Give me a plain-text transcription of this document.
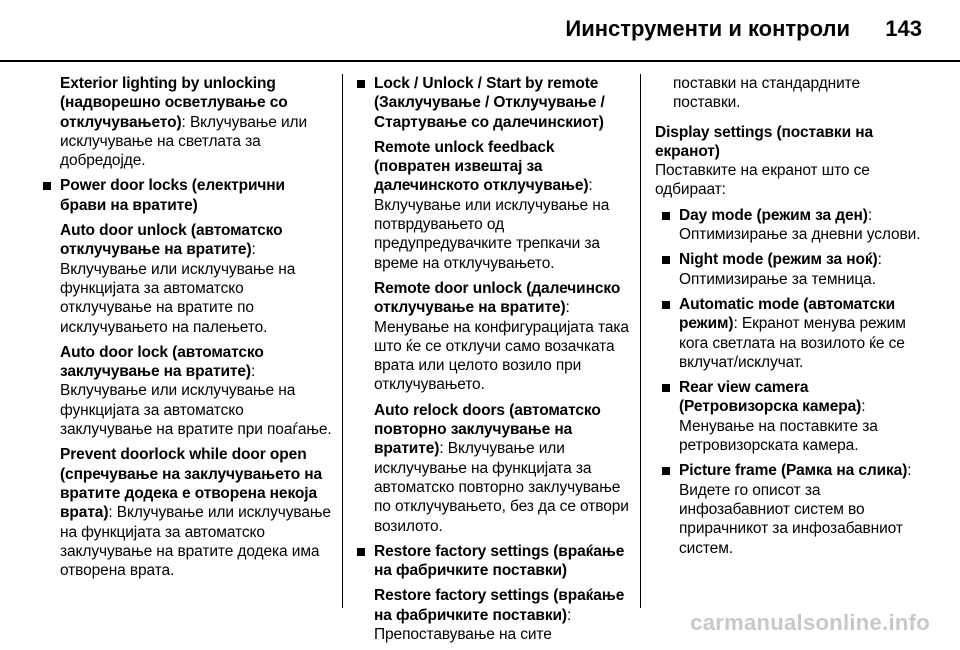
Иинструменти и контроли 143
Exterior lighting by unlocking (надворешно осветлување со отклучувањето): Вклучување или исклучување на светлата за добредојде.
Power door locks (електрични брави на вратите)
Auto door unlock (автоматско отклучување на вратите): Вклучување или исклучување на функцијата за автоматско отклучување на вратите по исклучувањето на палењето.
Auto door lock (автоматско заклучување на вратите): Вклучување или исклучување на функцијата за автоматско заклучување на вратите при поаѓање.
Prevent doorlock while door open (спречување на заклучувањето на вратите додека е отворена некоја врата): Вклучување или исклучување на функцијата за автоматско заклучување на вратите додека има отворена врата.
Lock / Unlock / Start by remote (Заклучување / Отклучување / Стартување со далечинскиот)
Remote unlock feedback (повратен извештај за далечинското отклучување): Вклучување или исклучување на потврдувањето од предупредувачките трепкачи за време на отклучувањето.
Remote door unlock (далечинско отклучување на вратите): Менување на конфигурацијата така што ќе се отклучи само возачката врата или целото возило при отклучувањето.
Auto relock doors (автоматско повторно заклучување на вратите): Вклучување или исклучување на функцијата за автоматско повторно заклучување по отклучувањето, без да се отвори возилото.
Restore factory settings (враќање на фабричките поставки)
Restore factory settings (враќање на фабричките поставки): Препоставување на сите
поставки на стандардните поставки.
Display settings (поставки на екранот)
Поставките на екранот што се одбираат:
Day mode (режим за ден): Оптимизирање за дневни услови.
Night mode (режим за ноќ): Оптимизирање за темница.
Automatic mode (автоматски режим): Екранот менува режим кога светлата на возилото ќе се вклучат/исклучат.
Rear view camera (Ретровизорска камера): Менување на поставките за ретровизорската камера.
Picture frame (Рамка на слика): Видете го описот за инфозабавниот систем во прирачникот за инфозабавниот систем.
carmanualsonline.info
